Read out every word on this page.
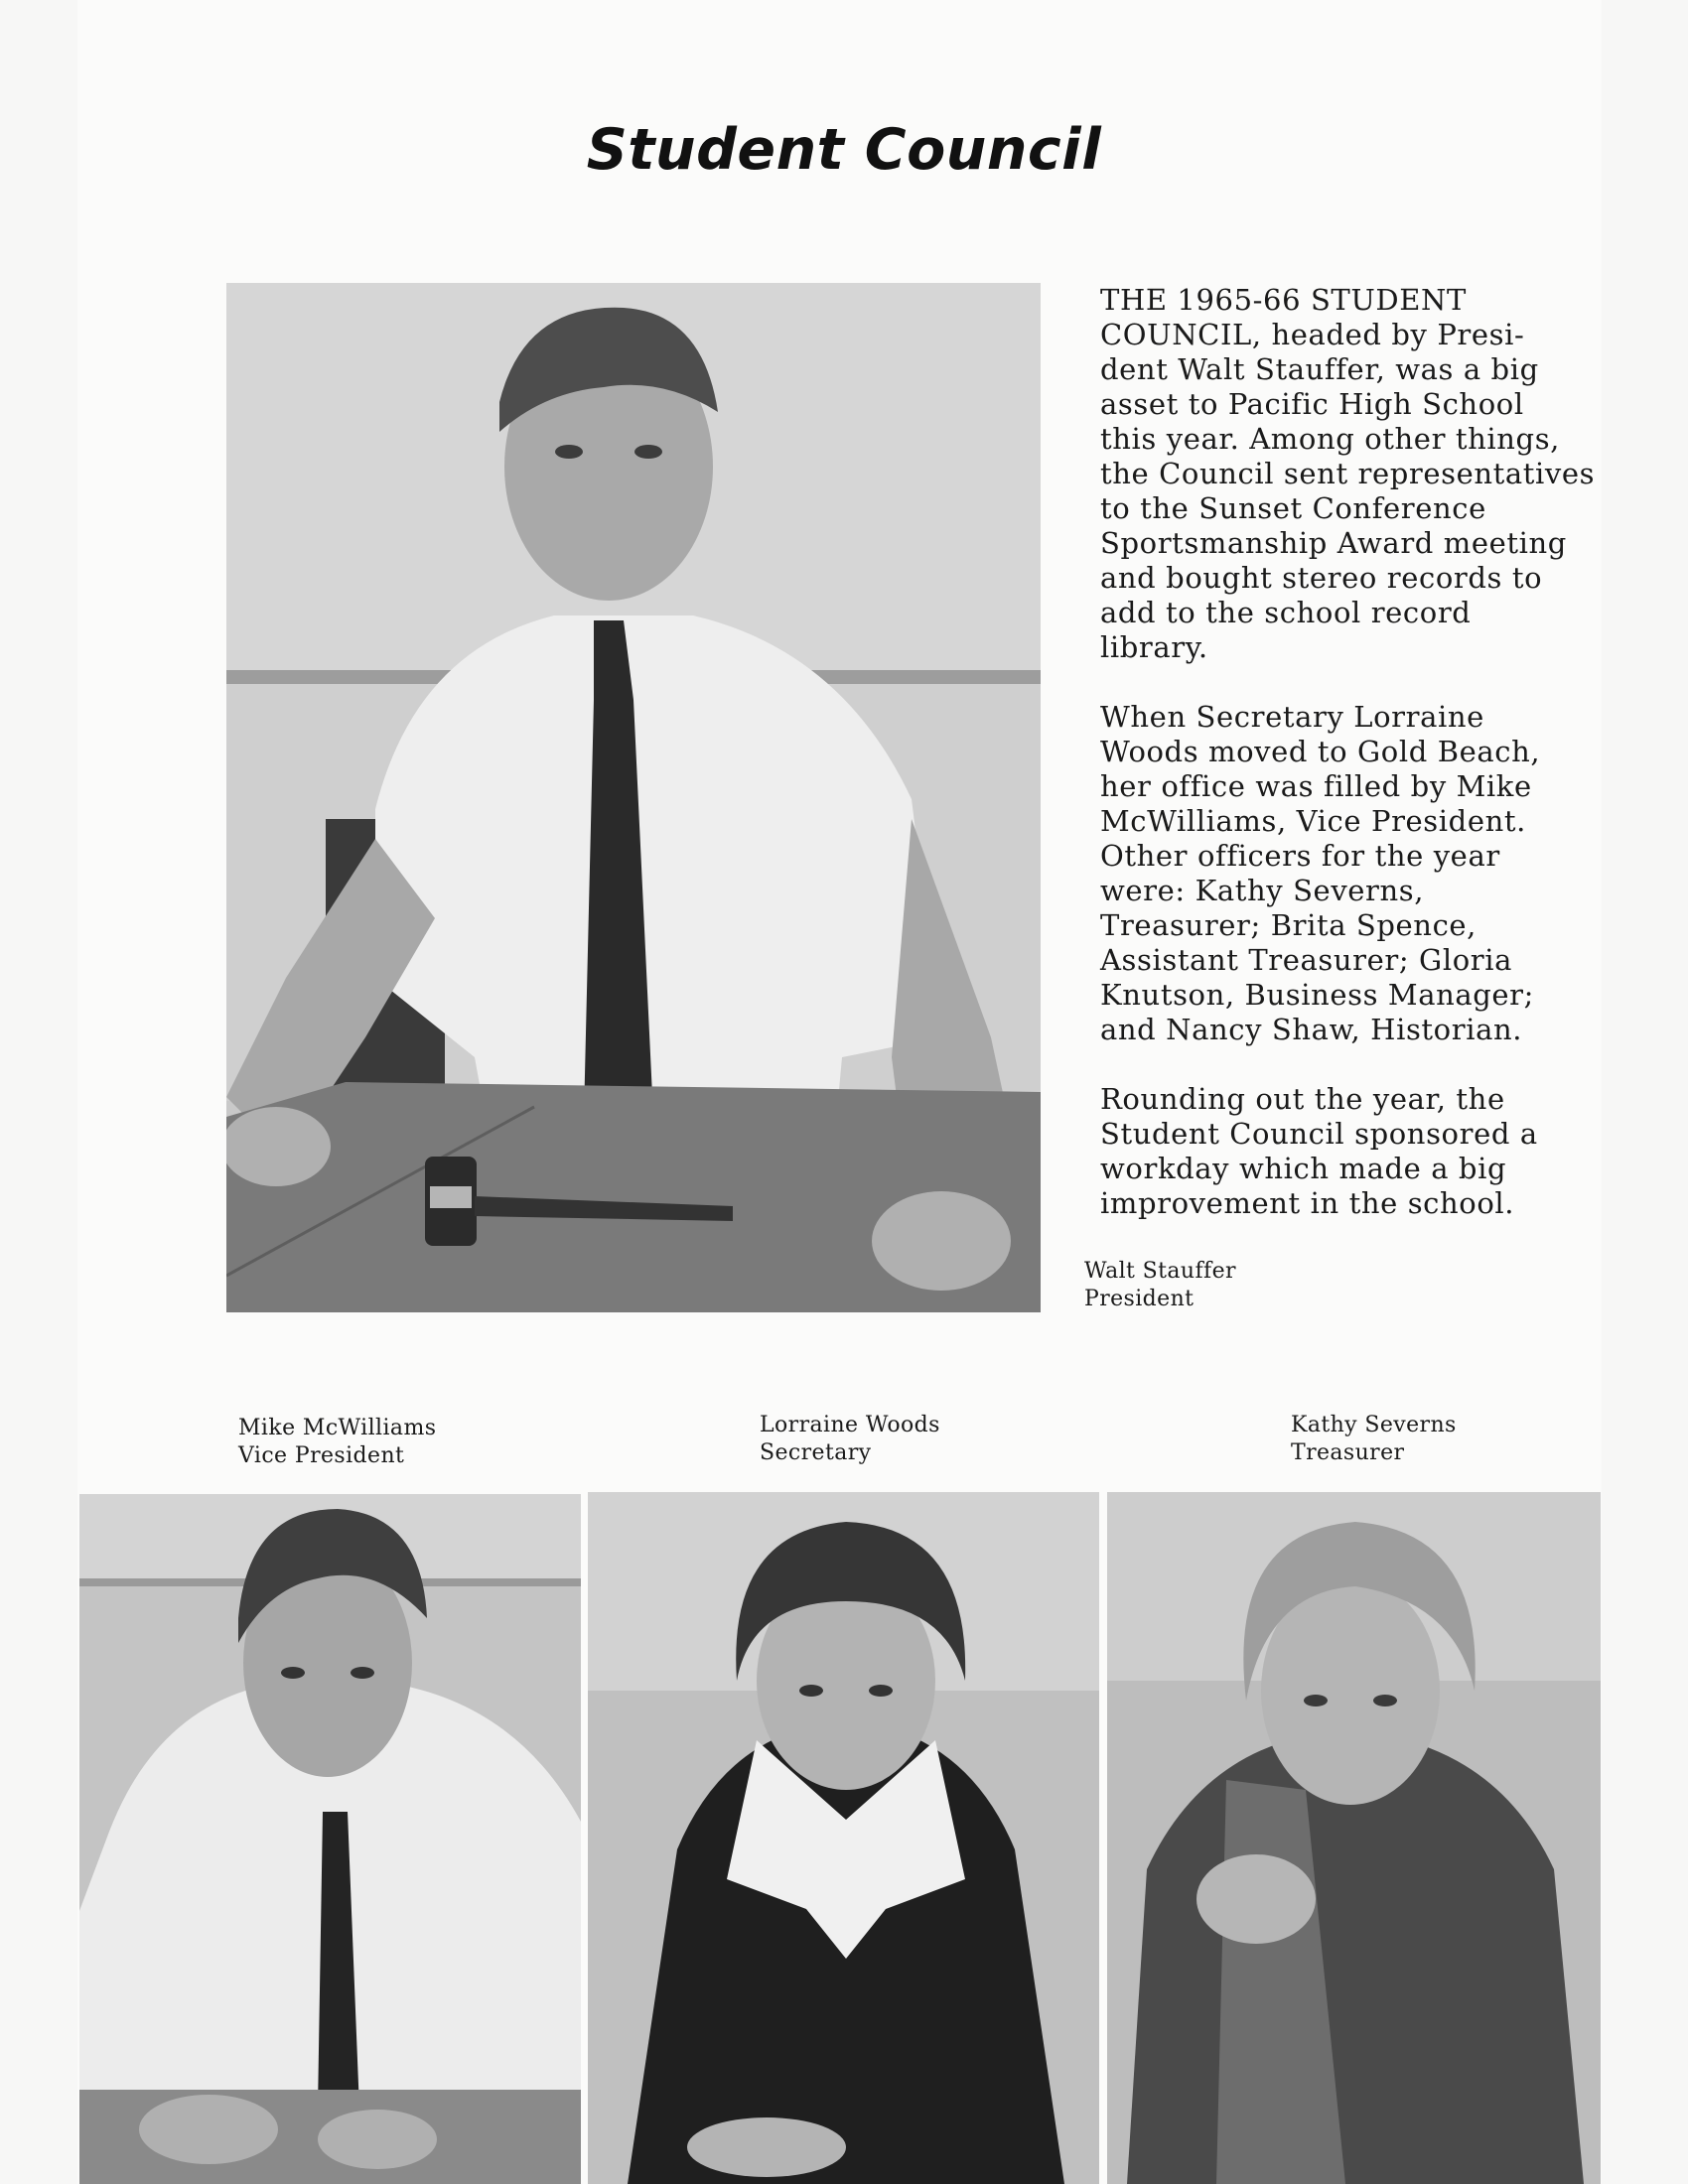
Student Council

THE 1965-66 STUDENT
COUNCIL, headed by Presi-
dent Walt Stauffer, was a big
asset to Pacific High School
this year. Among other things,
the Council sent representatives
to the Sunset Conference
Sportsmanship Award meeting
and bought stereo records to
add to the school record
library.

When Secretary Lorraine
Woods moved to Gold Beach,
her office was filled by Mike
McWilliams, Vice President.
Other officers for the year
were: Kathy Severns,
Treasurer; Brita Spence,
Assistant Treasurer; Gloria
Knutson, Business Manager;
and Nancy Shaw, Historian.

Rounding out the year, the
Student Council sponsored a
workday which made a big
improvement in the school.

Walt Stauffer
President
Mike McWilliams
Vice President
Lorraine Woods
Secretary
Kathy Severns
Treasurer
